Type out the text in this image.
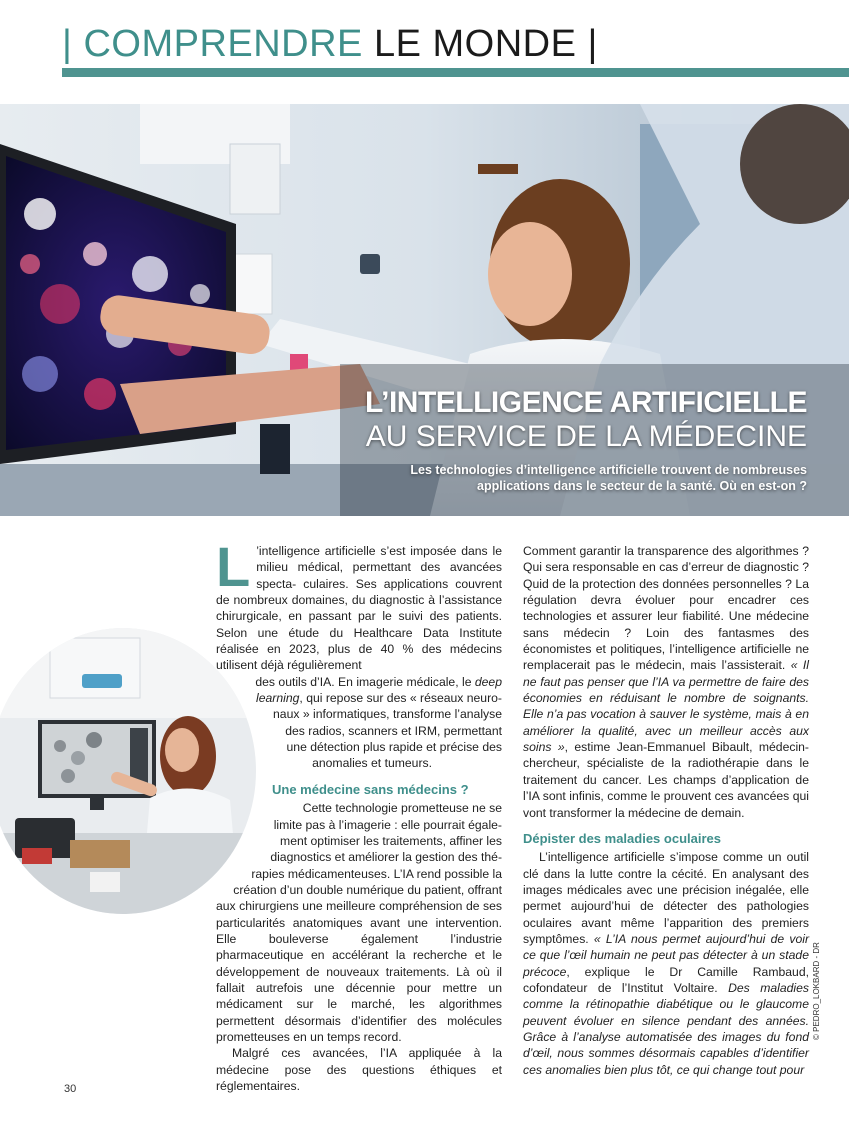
| COMPRENDRE LE MONDE |
L’INTELLIGENCE ARTIFICIELLE
AU SERVICE DE LA MÉDECINE
Les technologies d’intelligence artificielle trouvent de nombreuses applications dans le secteur de la santé. Où en est-on ?
L ’intelligence artificielle s’est imposée dans le milieu médical, permettant des avancées specta- culaires. Ses applications couvrent de nombreux domaines, du diagnostic à l’assistance chirurgicale, en passant par le suivi des patients. Selon une étude du Healthcare Data Institute réalisée en 2023, plus de 40 % des médecins utilisent déjà régulièrement

des outils d’IA. En imagerie médicale, le deep
learning, qui repose sur des « réseaux neuro-
naux » informatiques, transforme l’analyse
des radios, scanners et IRM, permettant
une détection plus rapide et précise des
anomalies et tumeurs.
Une médecine sans médecins ?
Cette technologie prometteuse ne se
limite pas à l’imagerie : elle pourrait égale-
ment optimiser les traitements, affiner les
diagnostics et améliorer la gestion des thé-
rapies médicamenteuses. L’IA rend possible la
création d’un double numérique du patient, offrant

aux chirurgiens une meilleure compréhension de ses particularités anatomiques avant une intervention. Elle bouleverse également l’industrie pharmaceutique en accélérant la recherche et le développement de nouveaux traitements. Là où il fallait autrefois une décennie pour mettre un médicament sur le marché, les algorithmes permettent désormais d’identifier des molécules prometteuses en un temps record.

Malgré ces avancées, l’IA appliquée à la médecine pose des questions éthiques et réglementaires.

Comment garantir la transparence des algorithmes ? Qui sera responsable en cas d’erreur de diagnostic ? Quid de la protection des données personnelles ? La régulation devra évoluer pour encadrer ces technologies et assurer leur fiabilité. Une médecine sans médecin ? Loin des fantasmes des économistes et politiques, l’intelligence artificielle ne remplacerait pas le médecin, mais l’assisterait. « Il ne faut pas penser que l’IA va permettre de faire des économies en réduisant le nombre de soignants. Elle n’a pas vocation à sauver le système, mais à en améliorer la qualité, avec un meilleur accès aux soins », estime Jean-Emmanuel Bibault, médecin-chercheur, spécialiste de la radiothérapie dans le traitement du cancer. Les champs d’application de l’IA sont infinis, comme le prouvent ces avancées qui vont transformer la médecine de demain.

Dépister des maladies oculaires

L’intelligence artificielle s’impose comme un outil clé dans la lutte contre la cécité. En analysant des images médicales avec une précision inégalée, elle permet aujourd’hui de détecter des pathologies oculaires avant même l’apparition des premiers symptômes. « L’IA nous permet aujourd’hui de voir ce que l’œil humain ne peut pas détecter à un stade précoce, explique le Dr Camille Rambaud, cofondateur de l’Institut Voltaire. Des maladies comme la rétinopathie diabétique ou le glaucome peuvent évoluer en silence pendant des années. Grâce à l’analyse automatisée des images du fond d’œil, nous sommes désormais capables d’identifier ces anomalies bien plus tôt, ce qui change tout pour

30
© PEDRO_LOKBARD - DR
